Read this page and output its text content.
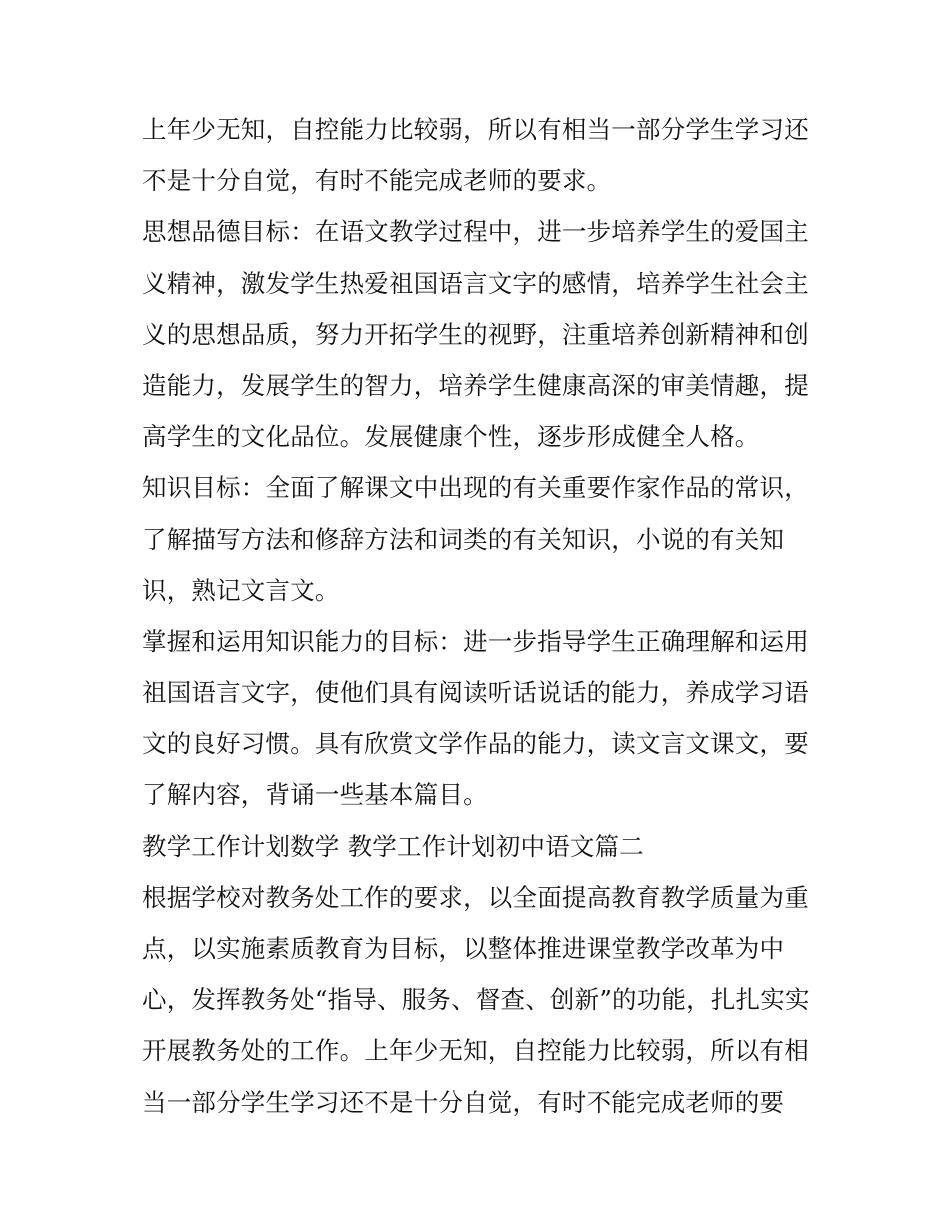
上年少无知，自控能力比较弱，所以有相当一部分学生学习还
不是十分自觉，有时不能完成老师的要求。
思想品德目标：在语文教学过程中，进一步培养学生的爱国主
义精神，激发学生热爱祖国语言文字的感情，培养学生社会主
义的思想品质，努力开拓学生的视野，注重培养创新精神和创
造能力，发展学生的智力，培养学生健康高深的审美情趣，提
高学生的文化品位。发展健康个性，逐步形成健全人格。
知识目标：全面了解课文中出现的有关重要作家作品的常识，
了解描写方法和修辞方法和词类的有关知识，小说的有关知
识，熟记文言文。
掌握和运用知识能力的目标：进一步指导学生正确理解和运用
祖国语言文字，使他们具有阅读听话说话的能力，养成学习语
文的良好习惯。具有欣赏文学作品的能力，读文言文课文，要
了解内容，背诵一些基本篇目。
教学工作计划数学 教学工作计划初中语文篇二
根据学校对教务处工作的要求，以全面提高教育教学质量为重
点，以实施素质教育为目标，以整体推进课堂教学改革为中
心，发挥教务处“指导、服务、督查、创新”的功能，扎扎实实
开展教务处的工作。上年少无知，自控能力比较弱，所以有相
当一部分学生学习还不是十分自觉，有时不能完成老师的要
